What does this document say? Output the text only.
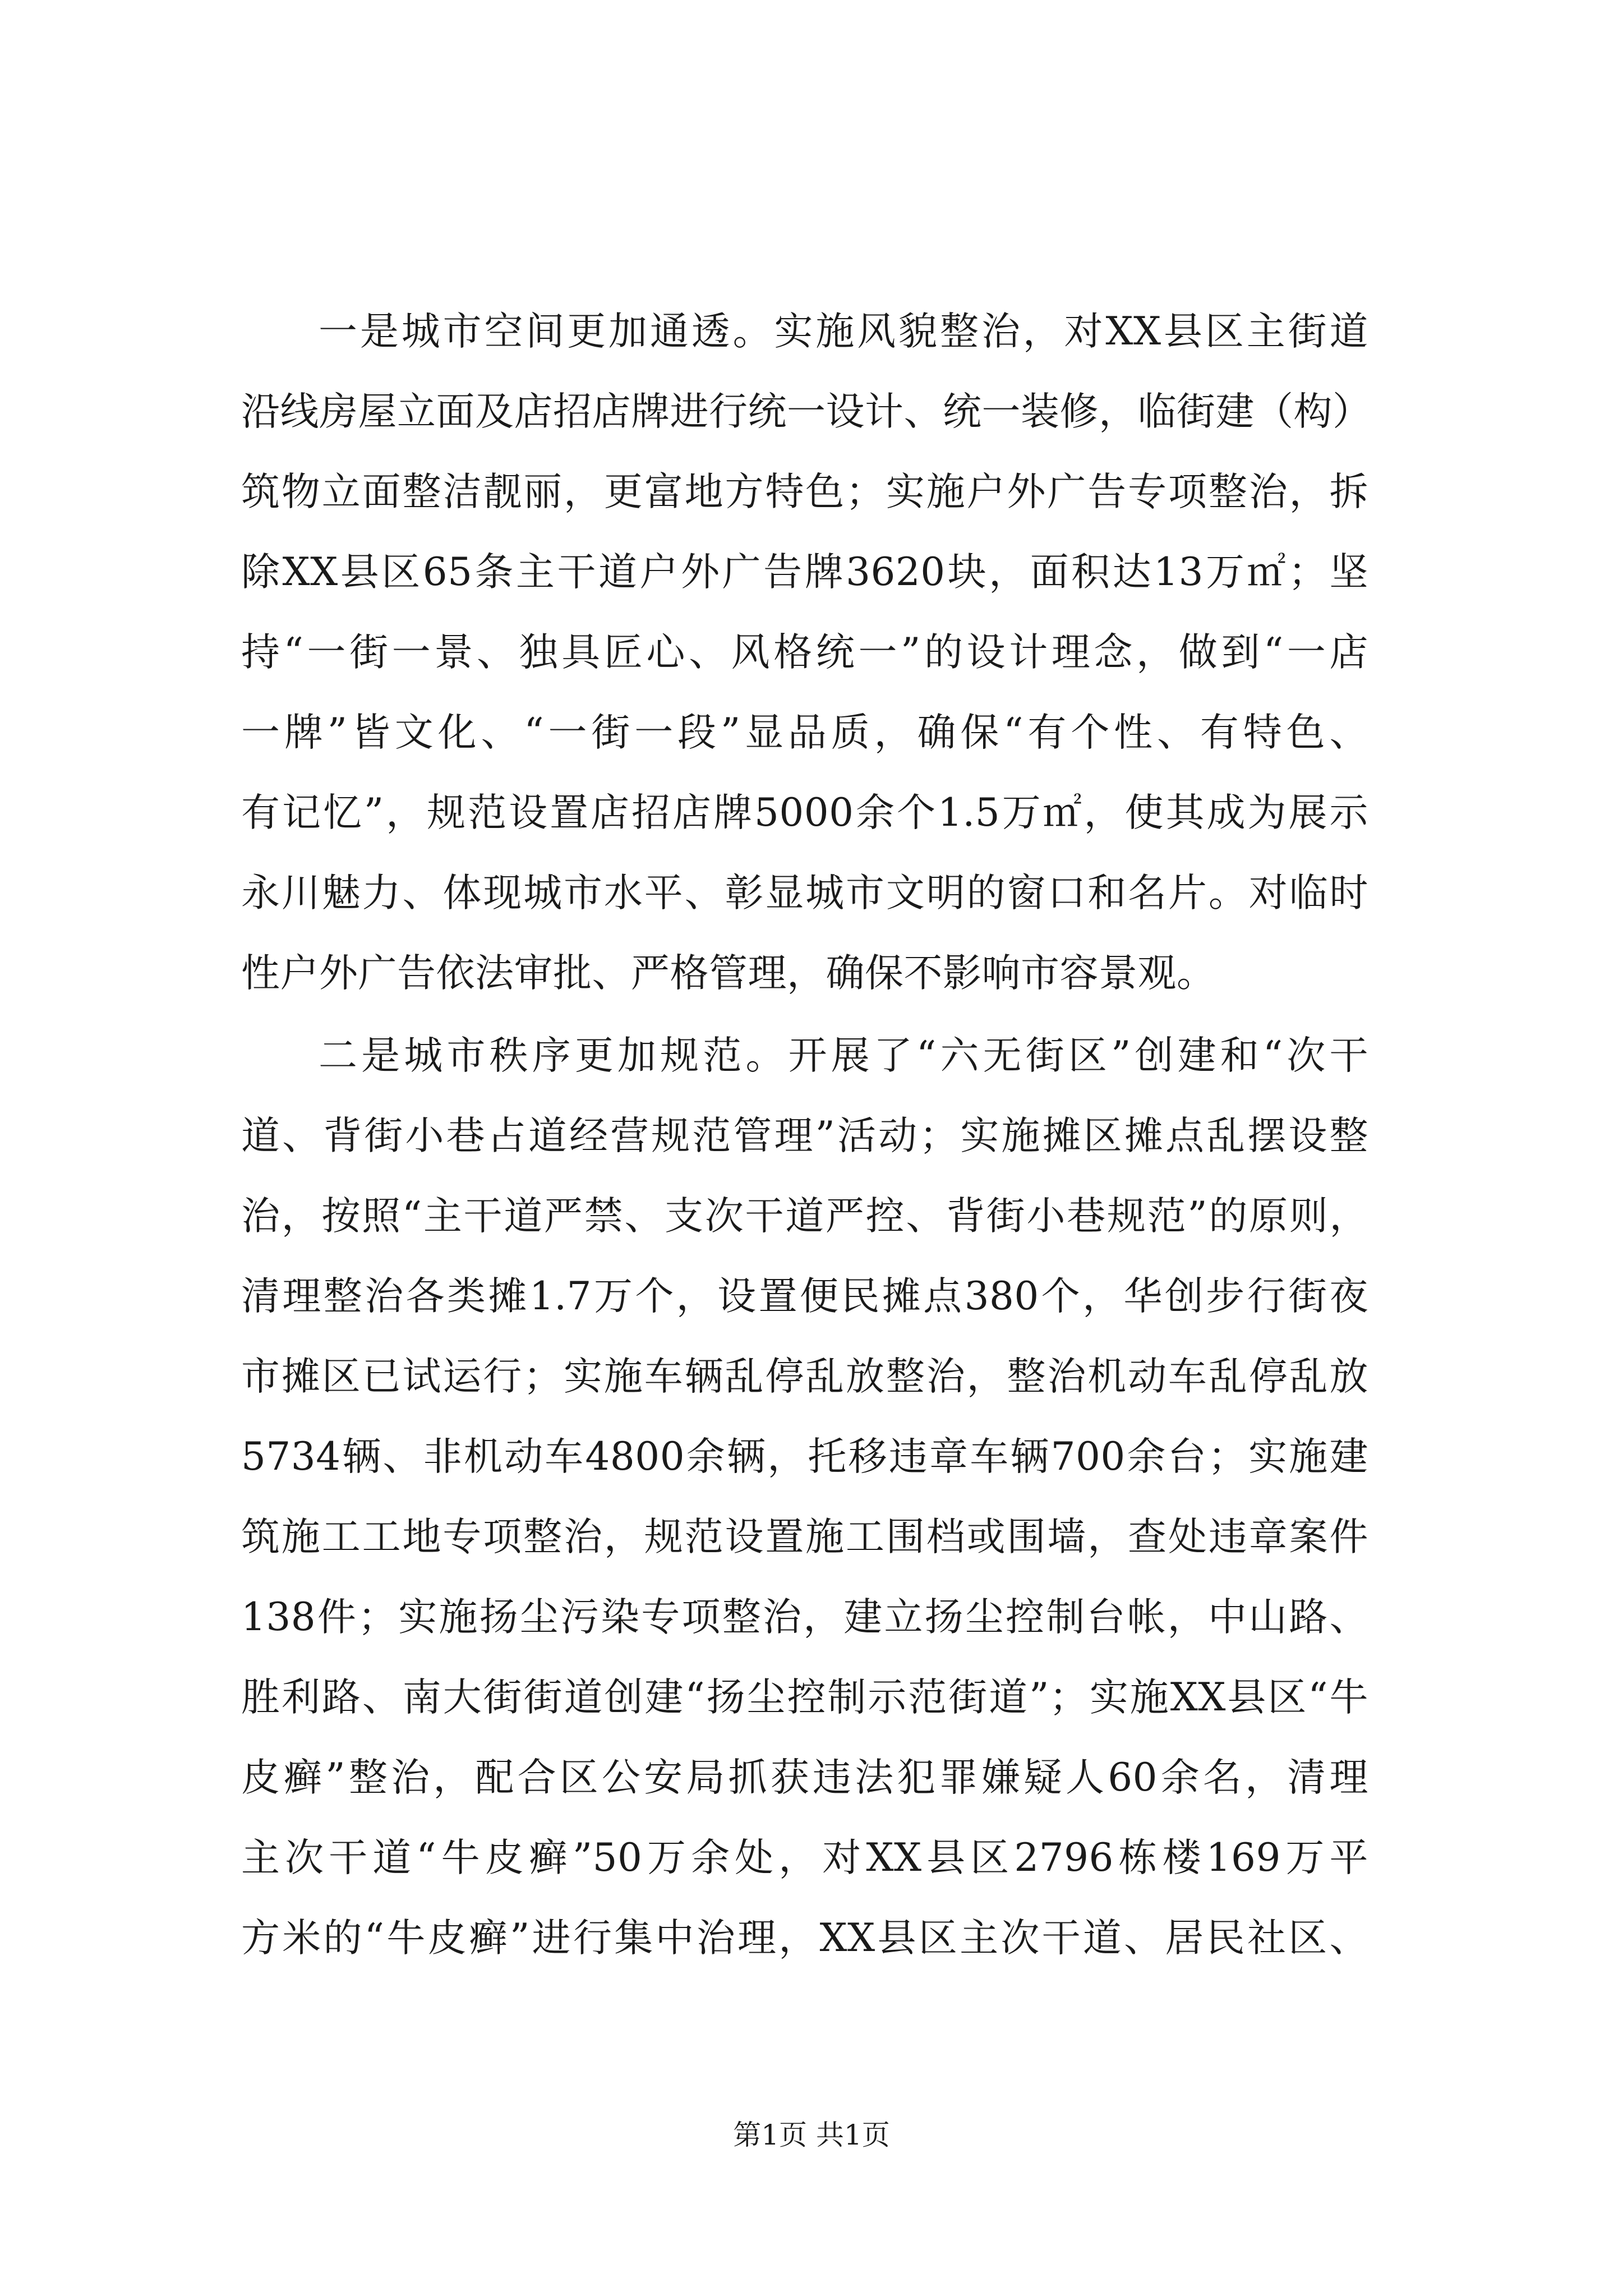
一是城市空间更加通透。实施风貌整治，对XX县区主街道
沿线房屋立面及店招店牌进行统一设计、统一装修，临街建（构）
筑物立面整洁靓丽，更富地方特色；实施户外广告专项整治，拆
除XX县区65条主干道户外广告牌3620块，面积达13万㎡；坚
持“一街一景、独具匠心、风格统一”的设计理念，做到“一店
一牌”皆文化、“一街一段”显品质，确保“有个性、有特色、
有记忆”，规范设置店招店牌5000余个1.5万㎡，使其成为展示
永川魅力、体现城市水平、彰显城市文明的窗口和名片。对临时
性户外广告依法审批、严格管理，确保不影响市容景观。
二是城市秩序更加规范。开展了“六无街区”创建和“次干
道、背街小巷占道经营规范管理”活动；实施摊区摊点乱摆设整
治，按照“主干道严禁、支次干道严控、背街小巷规范”的原则，
清理整治各类摊1.7万个，设置便民摊点380个，华创步行街夜
市摊区已试运行；实施车辆乱停乱放整治，整治机动车乱停乱放
5734辆、非机动车4800余辆，托移违章车辆700余台；实施建
筑施工工地专项整治，规范设置施工围档或围墙，查处违章案件
138件；实施扬尘污染专项整治，建立扬尘控制台帐，中山路、
胜利路、南大街街道创建“扬尘控制示范街道”；实施XX县区“牛
皮癣”整治，配合区公安局抓获违法犯罪嫌疑人60余名，清理
主次干道“牛皮癣”50万余处，对XX县区2796栋楼169万平
方米的“牛皮癣”进行集中治理，XX县区主次干道、居民社区、
第1页 共1页
